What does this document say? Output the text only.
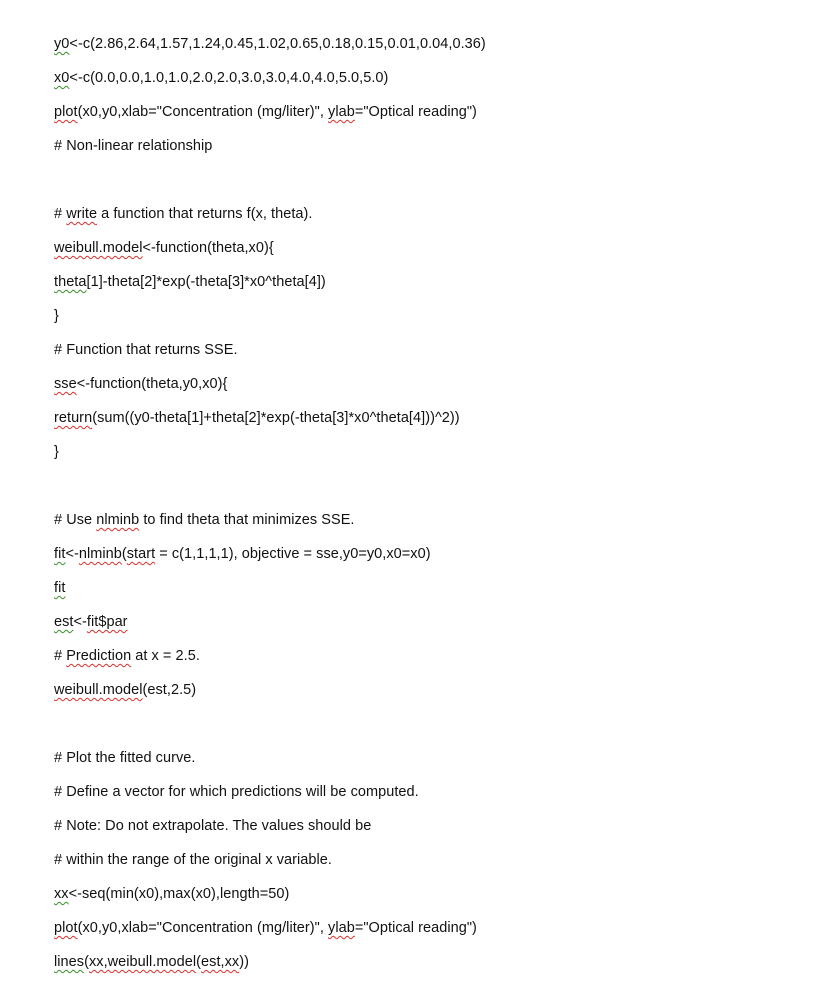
y0<-c(2.86,2.64,1.57,1.24,0.45,1.02,0.65,0.18,0.15,0.01,0.04,0.36)
x0<-c(0.0,0.0,1.0,1.0,2.0,2.0,3.0,3.0,4.0,4.0,5.0,5.0)
plot(x0,y0,xlab="Concentration (mg/liter)", ylab="Optical reading")
# Non-linear relationship
# write a function that returns f(x, theta).
weibull.model<-function(theta,x0){
theta[1]-theta[2]*exp(-theta[3]*x0^theta[4])
}
# Function that returns SSE.
sse<-function(theta,y0,x0){
return(sum((y0-theta[1]+theta[2]*exp(-theta[3]*x0^theta[4]))^2))
}
# Use nlminb to find theta that minimizes SSE.
fit<-nlminb(start = c(1,1,1,1), objective = sse,y0=y0,x0=x0)
fit
est<-fit$par
# Prediction at x = 2.5.
weibull.model(est,2.5)
# Plot the fitted curve.
# Define a vector for which predictions will be computed.
# Note: Do not extrapolate. The values should be
# within the range of the original x variable.
xx<-seq(min(x0),max(x0),length=50)
plot(x0,y0,xlab="Concentration (mg/liter)", ylab="Optical reading")
lines(xx,weibull.model(est,xx))
